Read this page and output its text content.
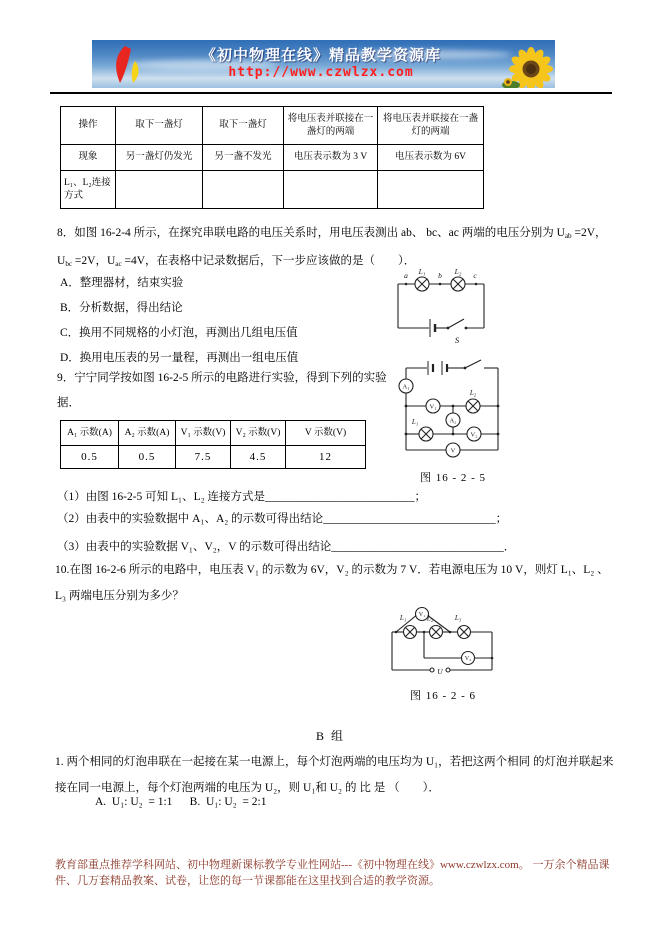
《初中物理在线》精品教学资源库
http://www.czwlzx.com
操作	取下一盏灯	取下一盏灯	将电压表并联接在一盏灯的两端	将电压表并联接在一盏灯的两端
现象	另一盏灯仍发光	另一盏不发光	电压表示数为 3 V	电压表示数为 6V
L₁、L₂连接方式				
8．如图 16-2-4 所示，在探究串联电路的电压关系时，用电压表测出 ab、 bc、ac 两端的电压分别为 Uab =2V，Ubc =2V，Uac =4V，在表格中记录数据后，下一步应该做的是（　　）．
A．整理器材，结束实验
B．分析数据，得出结论
C．换用不同规格的小灯泡，再测出几组电压值
D．换用电压表的另一量程，再测出一组电压值
a	b	c
L₁	L₂
S
9．宁宁同学按如图 16-2-5 所示的电路进行实验，得到下列的实验据．
A₁
V₁
A₂
V₂
V
L₂
L₁
图 16 - 2 - 5
A₁ 示数(A)	A₂ 示数(A)	V₁ 示数(V)	V₂ 示数(V)	V 示数(V)
0.5	0.5	7.5	4.5	12
（1）由图 16-2-5 可知 L₁、L₂ 连接方式是__________________________；
（2）由表中的实验数据中 A₁、A₂ 的示数可得出结论______________________________；
（3）由表中的实验数据 V₁、V₂，V 的示数可得出结论______________________________．
10.在图 16-2-6 所示的电路中，电压表 V₁ 的示数为 6V，V₂ 的示数为 7 V．若电源电压为 10 V，则灯 L₁、L₂ 、L₃ 两端电压分别为多少？
L₁	L₂	L₃
U
V₁
V₂
图 16 - 2 - 6
B 组
1. 两个相同的灯泡串联在一起接在某一电源上，每个灯泡两端的电压均为 U₁，若把这两个相同 的灯泡并联起来接在同一电源上，每个灯泡两端的电压为 U₂，则 U₁和 U₂ 的 比 是 （　　）．
A.  U₁: U₂  = 1:1      B.  U₁: U₂  = 2:1
教育部重点推荐学科网站、初中物理新课标教学专业性网站---《初中物理在线》www.czwlzx.com。 一万余个精品课件、几万套精品教案、试卷，让您的每一节课都能在这里找到合适的教学资源。
